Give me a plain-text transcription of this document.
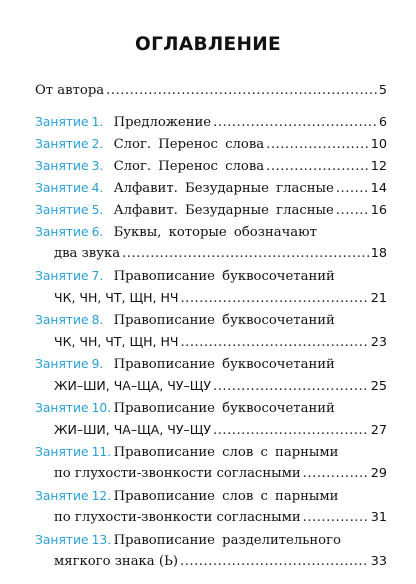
ОГЛАВЛЕНИЕ
От автора .....	5
Занятие 1. Предложение .....	6
Занятие 2. Слог. Перенос слова .....	10
Занятие 3. Слог. Перенос слова .....	12
Занятие 4. Алфавит. Безударные гласные .....	14
Занятие 5. Алфавит. Безударные гласные .....	16
Занятие 6. Буквы, которые обозначают
два звука .....	18
Занятие 7. Правописание буквосочетаний
ЧК, ЧН, ЧТ, ЩН, НЧ .....	21
Занятие 8. Правописание буквосочетаний
ЧК, ЧН, ЧТ, ЩН, НЧ .....	23
Занятие 9. Правописание буквосочетаний
ЖИ–ШИ, ЧА–ЩА, ЧУ–ЩУ .....	25
Занятие 10. Правописание буквосочетаний
ЖИ–ШИ, ЧА–ЩА, ЧУ–ЩУ .....	27
Занятие 11. Правописание слов с парными
по глухости-звонкости согласными .....	29
Занятие 12. Правописание слов с парными
по глухости-звонкости согласными .....	31
Занятие 13. Правописание разделительного
мягкого знака (Ь) .....	33
